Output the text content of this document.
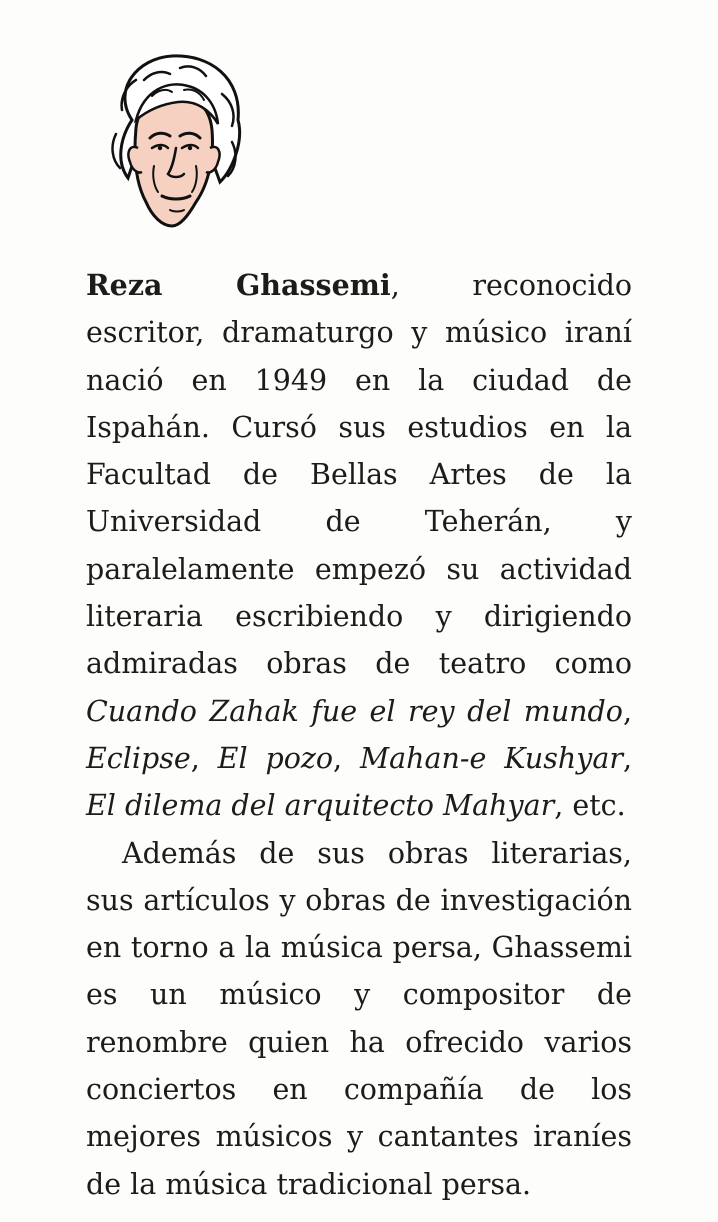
Reza Ghassemi, reconocido escritor, dramaturgo y músico iraní nació en 1949 en la ciudad de Ispahán. Cursó sus estudios en la Facultad de Bellas Artes de la Universidad de Teherán, y paralelamente empezó su actividad literaria escribiendo y dirigiendo admiradas obras de teatro como Cuando Zahak fue el rey del mundo, Eclipse, El pozo, Mahan-e Kushyar, El dilema del arquitecto Mahyar, etc.

Además de sus obras literarias, sus artículos y obras de investigación en torno a la música persa, Ghassemi es un músico y compositor de renombre quien ha ofrecido varios conciertos en compañía de los mejores músicos y cantantes iraníes de la música tradicional persa.
